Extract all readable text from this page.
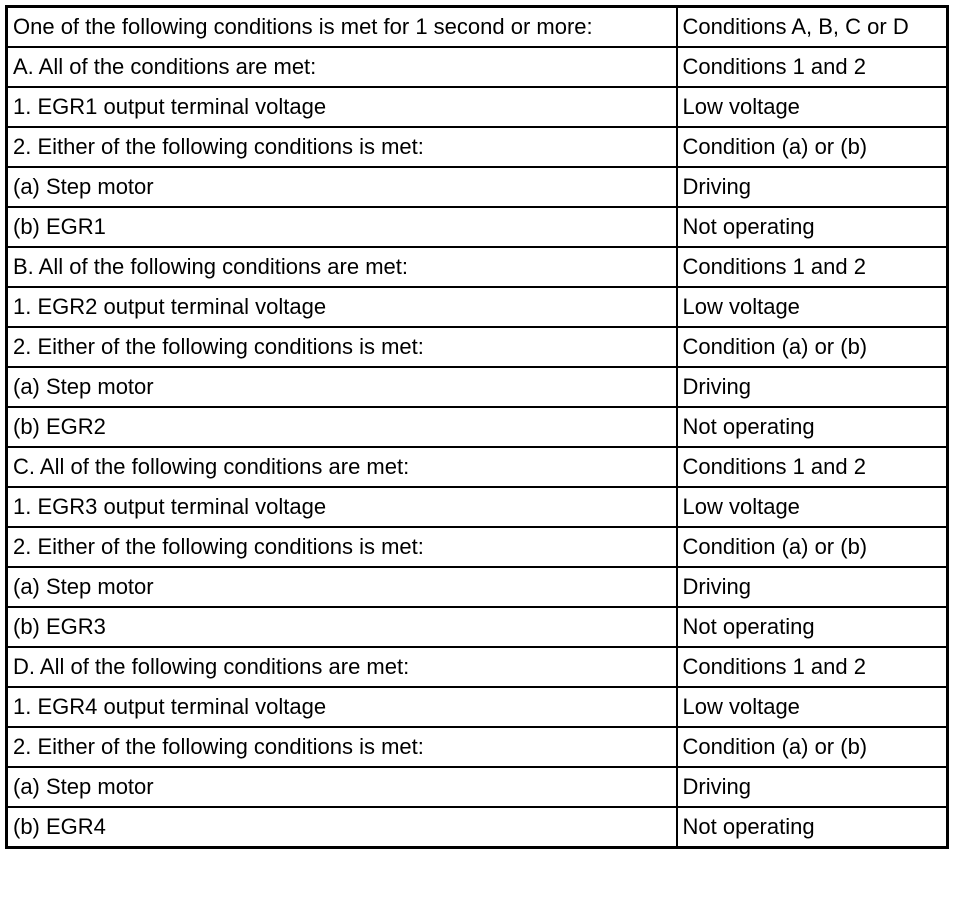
One of the following conditions is met for 1 second or more:	Conditions A, B, C or D
A. All of the conditions are met:	Conditions 1 and 2
1. EGR1 output terminal voltage	Low voltage
2. Either of the following conditions is met:	Condition (a) or (b)
(a) Step motor	Driving
(b) EGR1	Not operating
B. All of the following conditions are met:	Conditions 1 and 2
1. EGR2 output terminal voltage	Low voltage
2. Either of the following conditions is met:	Condition (a) or (b)
(a) Step motor	Driving
(b) EGR2	Not operating
C. All of the following conditions are met:	Conditions 1 and 2
1. EGR3 output terminal voltage	Low voltage
2. Either of the following conditions is met:	Condition (a) or (b)
(a) Step motor	Driving
(b) EGR3	Not operating
D. All of the following conditions are met:	Conditions 1 and 2
1. EGR4 output terminal voltage	Low voltage
2. Either of the following conditions is met:	Condition (a) or (b)
(a) Step motor	Driving
(b) EGR4	Not operating
